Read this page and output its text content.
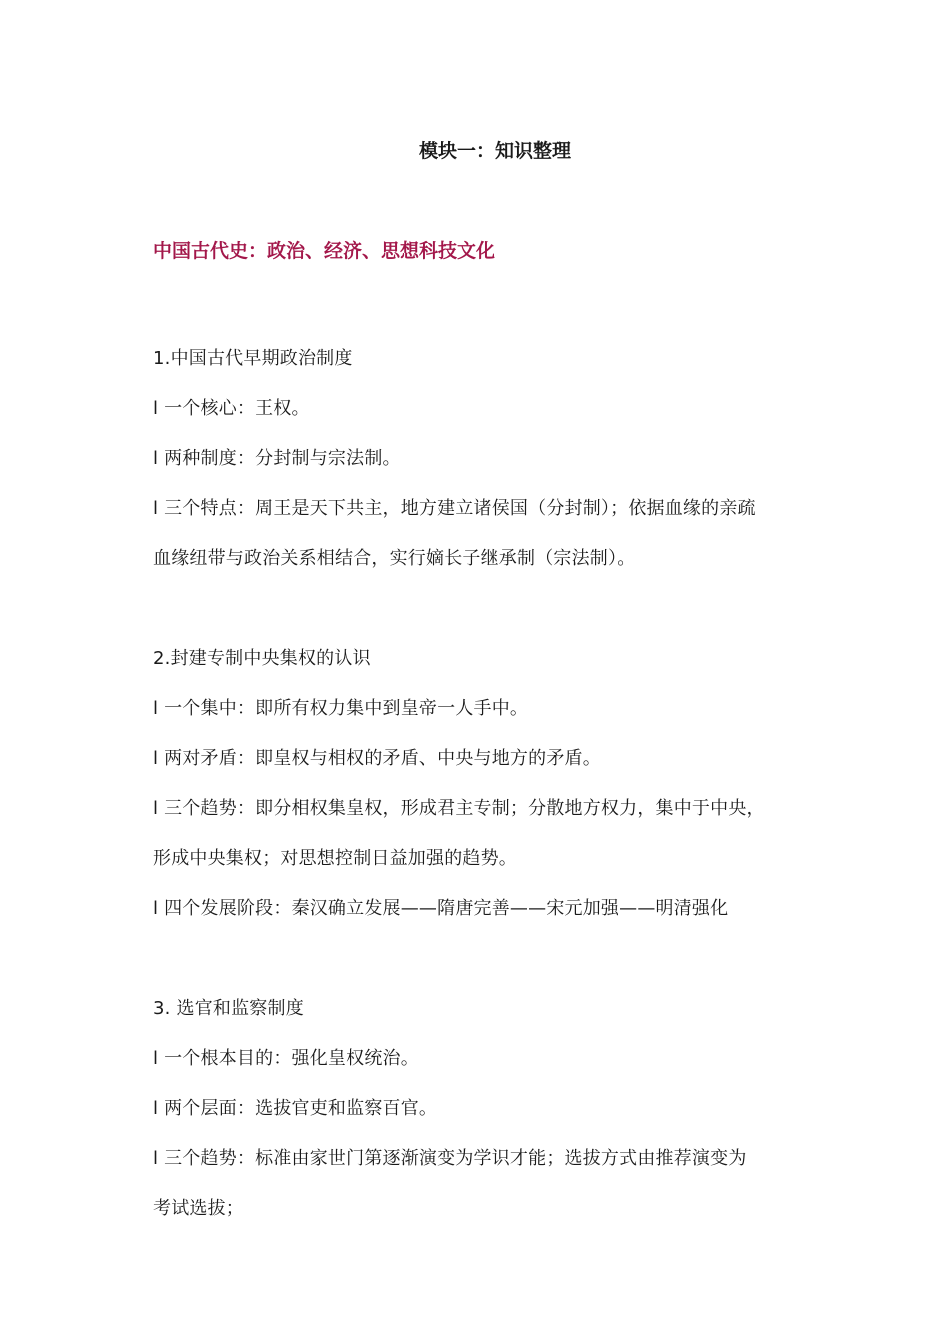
模块一：知识整理
中国古代史：政治、经济、思想科技文化
1.中国古代早期政治制度
l 一个核心：王权。
l 两种制度：分封制与宗法制。
l 三个特点：周王是天下共主，地方建立诸侯国（分封制）；依据血缘的亲疏
血缘纽带与政治关系相结合，实行嫡长子继承制（宗法制）。
2.封建专制中央集权的认识
l 一个集中：即所有权力集中到皇帝一人手中。
l 两对矛盾：即皇权与相权的矛盾、中央与地方的矛盾。
l 三个趋势：即分相权集皇权，形成君主专制；分散地方权力，集中于中央，
形成中央集权；对思想控制日益加强的趋势。
l 四个发展阶段：秦汉确立发展——隋唐完善——宋元加强——明清强化
3. 选官和监察制度
l 一个根本目的：强化皇权统治。
l 两个层面：选拔官吏和监察百官。
l 三个趋势：标准由家世门第逐渐演变为学识才能；选拔方式由推荐演变为
考试选拔；
